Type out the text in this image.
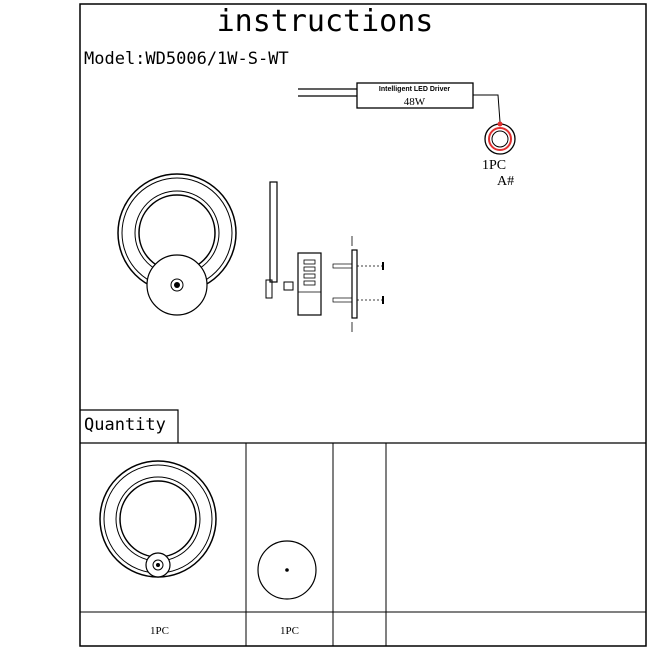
instructions
Model:WD5006/1W-S-WT
Intelligent LED Driver
48W
1PC
A#
Quantity
1PC	1PC
